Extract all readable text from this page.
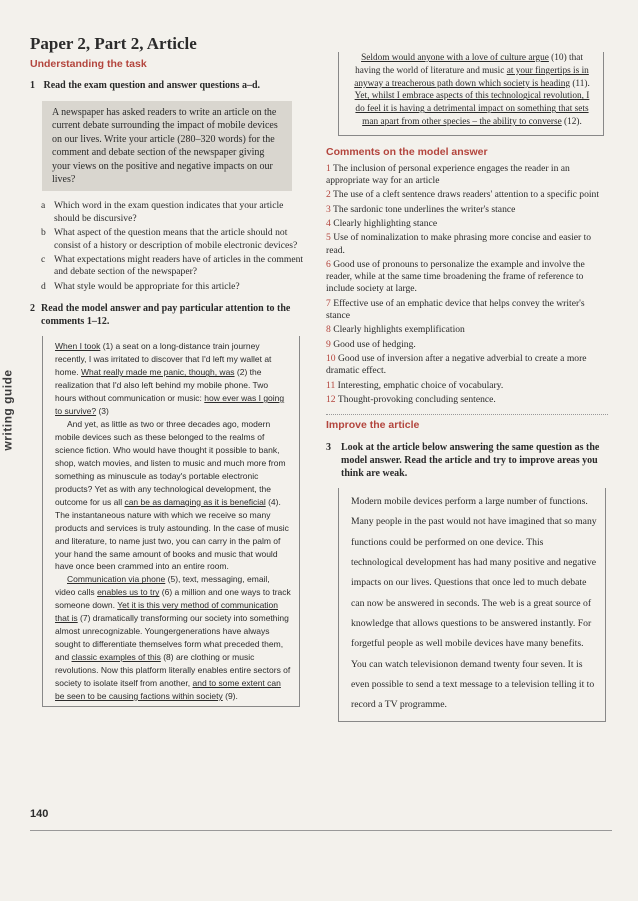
writing guide
Paper 2, Part 2, Article
Understanding the task

1 Read the exam question and answer questions a–d.

A newspaper has asked readers to write an article on the current debate surrounding the impact of mobile devices on our lives. Write your article (280–320 words) for the comment and debate section of the newspaper giving your views on the positive and negative impacts on our lives?

a Which word in the exam question indicates that your article should be discursive?

b What aspect of the question means that the article should not consist of a history or description of mobile electronic devices?

c What expectations might readers have of articles in the comment and debate section of the newspaper?

d What style would be appropriate for this article?

2 Read the model answer and pay particular attention to the comments 1–12.

When I took (1) a seat on a long-distance train journey recently, I was irritated to discover that I'd left my wallet at home. What really made me panic, though, was (2) the realization that I'd also left behind my mobile phone. Two hours without communication or music: how ever was I going to survive? (3)

And yet, as little as two or three decades ago, modern mobile devices such as these belonged to the realms of science fiction. Who would have thought it possible to bank, shop, watch movies, and listen to music and much more from something as minuscule as today's portable electronic products? Yet as with any technological development, the outcome for us all can be as damaging as it is beneficial (4). The instantaneous nature with which we receive so many products and services is truly astounding. In the case of music and literature, to name just two, you can carry in the palm of your hand the same amount of books and music that would have once been crammed into an entire room.

Communication via phone (5), text, messaging, email, video calls enables us to try (6) a million and one ways to track someone down. Yet it is this very method of communication that is (7) dramatically transforming our society into something almost unrecognizable. Youngergenerations have always sought to differentiate themselves form what preceded them, and classic examples of this (8) are clothing or music revolutions. Now this platform literally enables entire sectors of society to isolate itself from another, and to some extent can be seen to be causing factions within society (9).

Seldom would anyone with a love of culture argue (10) that having the world of literature and music at your fingertips is in anyway a treacherous path down which society is heading (11). Yet, whilst I embrace aspects of this technological revolution, I do feel it is having a detrimental impact on something that sets man apart from other species – the ability to converse (12).
Comments on the model answer

1 The inclusion of personal experience engages the reader in an appropriate way for an article

2 The use of a cleft sentence draws readers' attention to a specific point

3 The sardonic tone underlines the writer's stance

4 Clearly highlighting stance

5 Use of nominalization to make phrasing more concise and easier to read.

6 Good use of pronouns to personalize the example and involve the reader, while at the same time broadening the frame of reference to include society at large.

7 Effective use of an emphatic device that helps convey the writer's stance

8 Clearly highlights exemplification

9 Good use of hedging.

10 Good use of inversion after a negative adverbial to create a more dramatic effect.

11 Interesting, emphatic choice of vocabulary.

12 Thought-provoking concluding sentence.

Improve the article

3 Look at the article below answering the same question as the model answer. Read the article and try to improve areas you think are weak.

Modern mobile devices perform a large number of functions. Many people in the past would not have imagined that so many functions could be performed on one device. This technological development has had many positive and negative impacts on our lives. Questions that once led to much debate can now be answered in seconds. The web is a great source of knowledge that allows questions to be answered instantly. For forgetful people as well mobile devices have many benefits. You can watch televisionon demand twenty four seven. It is even possible to send a text message to a television telling it to record a TV programme.
140
